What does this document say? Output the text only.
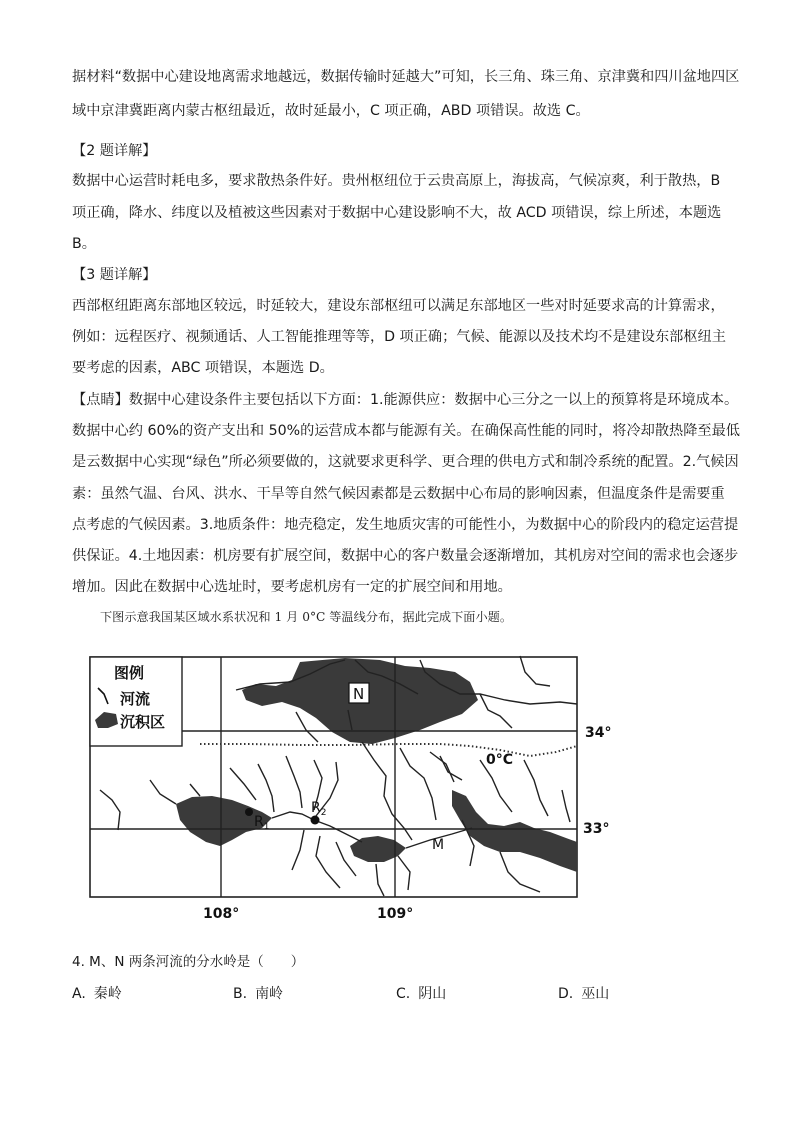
据材料“数据中心建设地离需求地越远，数据传输时延越大”可知，长三角、珠三角、京津冀和四川盆地四区
域中京津冀距离内蒙古枢纽最近，故时延最小，C 项正确，ABD 项错误。故选 C。
【2 题详解】
数据中心运营时耗电多，要求散热条件好。贵州枢纽位于云贵高原上，海拔高，气候凉爽，利于散热，B
项正确，降水、纬度以及植被这些因素对于数据中心建设影响不大，故 ACD 项错误，综上所述，本题选
B。
【3 题详解】
西部枢纽距离东部地区较远，时延较大，建设东部枢纽可以满足东部地区一些对时延要求高的计算需求，
例如：远程医疗、视频通话、人工智能推理等等，D 项正确；气候、能源以及技术均不是建设东部枢纽主
要考虑的因素，ABC 项错误，本题选 D。
【点睛】数据中心建设条件主要包括以下方面：1.能源供应：数据中心三分之一以上的预算将是环境成本。
数据中心约 60%的资产支出和 50%的运营成本都与能源有关。在确保高性能的同时，将冷却散热降至最低
是云数据中心实现“绿色”所必须要做的，这就要求更科学、更合理的供电方式和制冷系统的配置。2.气候因
素：虽然气温、台风、洪水、干旱等自然气候因素都是云数据中心布局的影响因素，但温度条件是需要重
点考虑的气候因素。3.地质条件：地壳稳定，发生地质灾害的可能性小，为数据中心的阶段内的稳定运营提
供保证。4.土地因素：机房要有扩展空间，数据中心的客户数量会逐渐增加，其机房对空间的需求也会逐步
增加。因此在数据中心选址时，要考虑机房有一定的扩展空间和用地。
下图示意我国某区域水系状况和 1 月 0°C 等温线分布，据此完成下面小题。
图例
河流
沉积区
N
$R_1$
$R_2$
M
0°C
34°
33°
108°	109°
4. M、N 两条河流的分水岭是（　　）
A. 秦岭	B. 南岭	C. 阴山	D. 巫山
